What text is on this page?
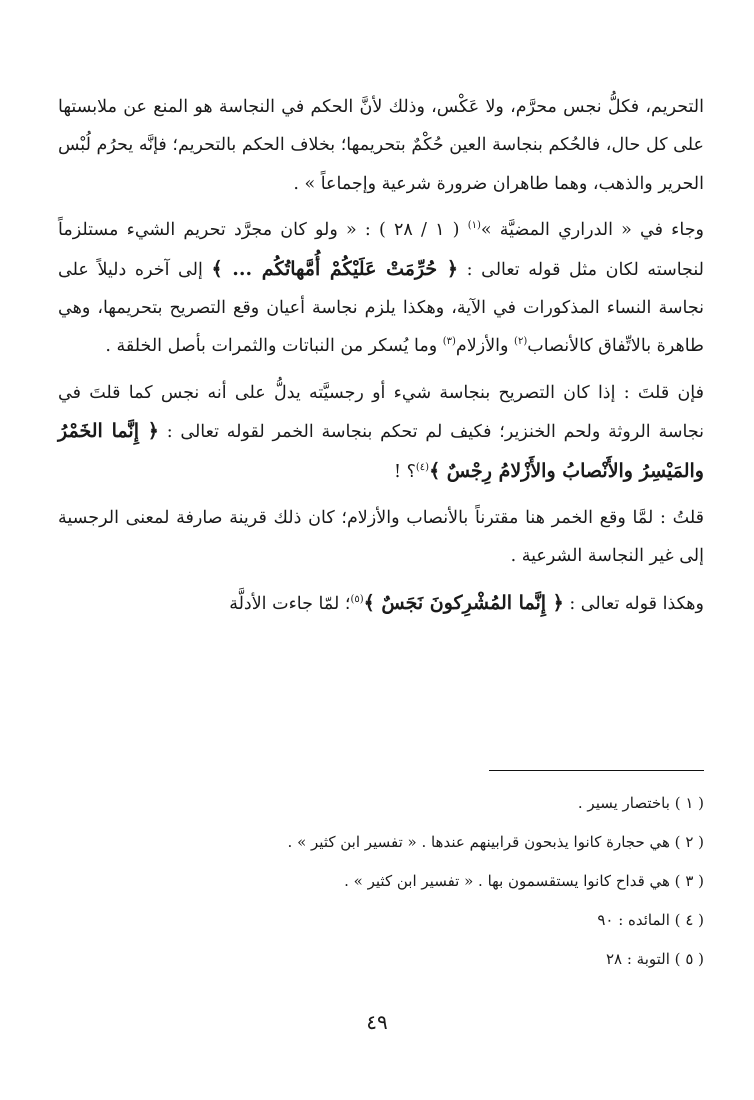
التحريم، فكلُّ نجس محرَّم، ولا عَكْس، وذلك لأنَّ الحكم في النجاسة هو المنع عن ملابستها على كل حال، فالحُكم بنجاسة العين حُكْمٌ بتحريمها؛ بخلاف الحكم بالتحريم؛ فإنَّه يحرُم لُبْس الحرير والذهب، وهما طاهران ضرورة شرعية وإجماعاً » .

وجاء في « الدراري المضيَّة »$^{(١)}$ ( ١ / ٢٨ ) : « ولو كان مجرَّد تحريم الشيء مستلزماً لنجاسته لكان مثل قوله تعالى : ﴿ حُرِّمَتْ عَلَيْكُمْ أُمَّهاتُكُم ... ﴾ إلى آخره دليلاً على نجاسة النساء المذكورات في الآية، وهكذا يلزم نجاسة أعيان وقع التصريح بتحريمها، وهي طاهرة بالاتِّفاق كالأنصاب$^{(٢)}$ والأزلام$^{(٣)}$ وما يُسكر من النباتات والثمرات بأصل الخلقة .

فإن قلتَ : إذا كان التصريح بنجاسة شيء أو رجسيَّته يدلُّ على أنه نجس كما قلتَ في نجاسة الروثة ولحم الخنزير؛ فكيف لم تحكم بنجاسة الخمر لقوله تعالى : ﴿ إِنَّما الخَمْرُ والمَيْسِرُ والأَنْصابُ والأَزْلامُ رِجْسٌ ﴾$^{(٤)}$؟ !

قلتُ : لمَّا وقع الخمر هنا مقترناً بالأنصاب والأزلام؛ كان ذلك قرينة صارفة لمعنى الرجسية إلى غير النجاسة الشرعية .

وهكذا قوله تعالى : ﴿ إِنَّما المُشْرِكونَ نَجَسٌ ﴾$^{(٥)}$؛ لمّا جاءت الأدلَّة

( ١ ) باختصار يسير .

( ٢ ) هي حجارة كانوا يذبحون قرابينهم عندها . « تفسير ابن كثير » .

( ٣ ) هي قداح كانوا يستقسمون بها . « تفسير ابن كثير » .

( ٤ ) المائده : ٩٠

( ٥ ) التوبة : ٢٨

٤٩
